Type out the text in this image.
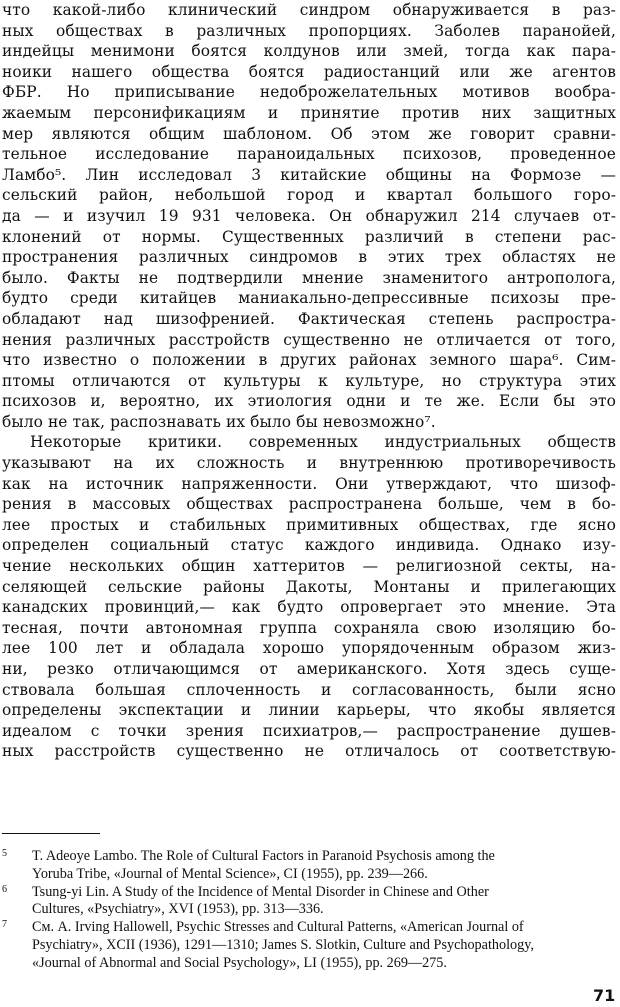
что какой-либо клинический синдром обнаруживается в раз-
ных обществах в различных пропорциях. Заболев паранойей,
индейцы менимони боятся колдунов или змей, тогда как пара-
ноики нашего общества боятся радиостанций или же агентов
ФБР. Но приписывание недоброжелательных мотивов вообра-
жаемым персонификациям и принятие против них защитных
мер являются общим шаблоном. Об этом же говорит сравни-
тельное исследование параноидальных психозов, проведенное
Ламбо⁵. Лин исследовал 3 китайские общины на Формозе —
сельский район, небольшой город и квартал большого горо-
да — и изучил 19 931 человека. Он обнаружил 214 случаев от-
клонений от нормы. Существенных различий в степени рас-
пространения различных синдромов в этих трех областях не
было. Факты не подтвердили мнение знаменитого антрополога,
будто среди китайцев маниакально-депрессивные психозы пре-
обладают над шизофренией. Фактическая степень распростра-
нения различных расстройств существенно не отличается от того,
что известно о положении в других районах земного шара⁶. Сим-
птомы отличаются от культуры к культуре, но структура этих
психозов и, вероятно, их этиология одни и те же. Если бы это
было не так, распознавать их было бы невозможно⁷.
Некоторые критики. современных индустриальных обществ
указывают на их сложность и внутреннюю противоречивость
как на источник напряженности. Они утверждают, что шизоф-
рения в массовых обществах распространена больше, чем в бо-
лее простых и стабильных примитивных обществах, где ясно
определен социальный статус каждого индивида. Однако изу-
чение нескольких общин хаттеритов — религиозной секты, на-
селяющей сельские районы Дакоты, Монтаны и прилегающих
канадских провинций,— как будто опровергает это мнение. Эта
тесная, почти автономная группа сохраняла свою изоляцию бо-
лее 100 лет и обладала хорошо упорядоченным образом жиз-
ни, резко отличающимся от американского. Хотя здесь суще-
ствовала большая сплоченность и согласованность, были ясно
определены экспектации и линии карьеры, что якобы является
идеалом с точки зрения психиатров,— распространение душев-
ных расстройств существенно не отличалось от соответствую-
5 T. Adeoye Lambo. The Role of Cultural Factors in Paranoid Psychosis among the
Yoruba Tribe, «Journal of Mental Science», CI (1955), pp. 239—266.
6 Tsung-yi Lin. A Study of the Incidence of Mental Disorder in Chinese and Other
Cultures, «Psychiatry», XVI (1953), pp. 313—336.
7 См. A. Irving Hallowell, Psychic Stresses and Cultural Patterns, «American Journal of
Psychiatry», XCII (1936), 1291—1310; James S. Slotkin, Culture and Psychopathology,
«Journal of Abnormal and Social Psychology», LI (1955), pp. 269—275.
71
